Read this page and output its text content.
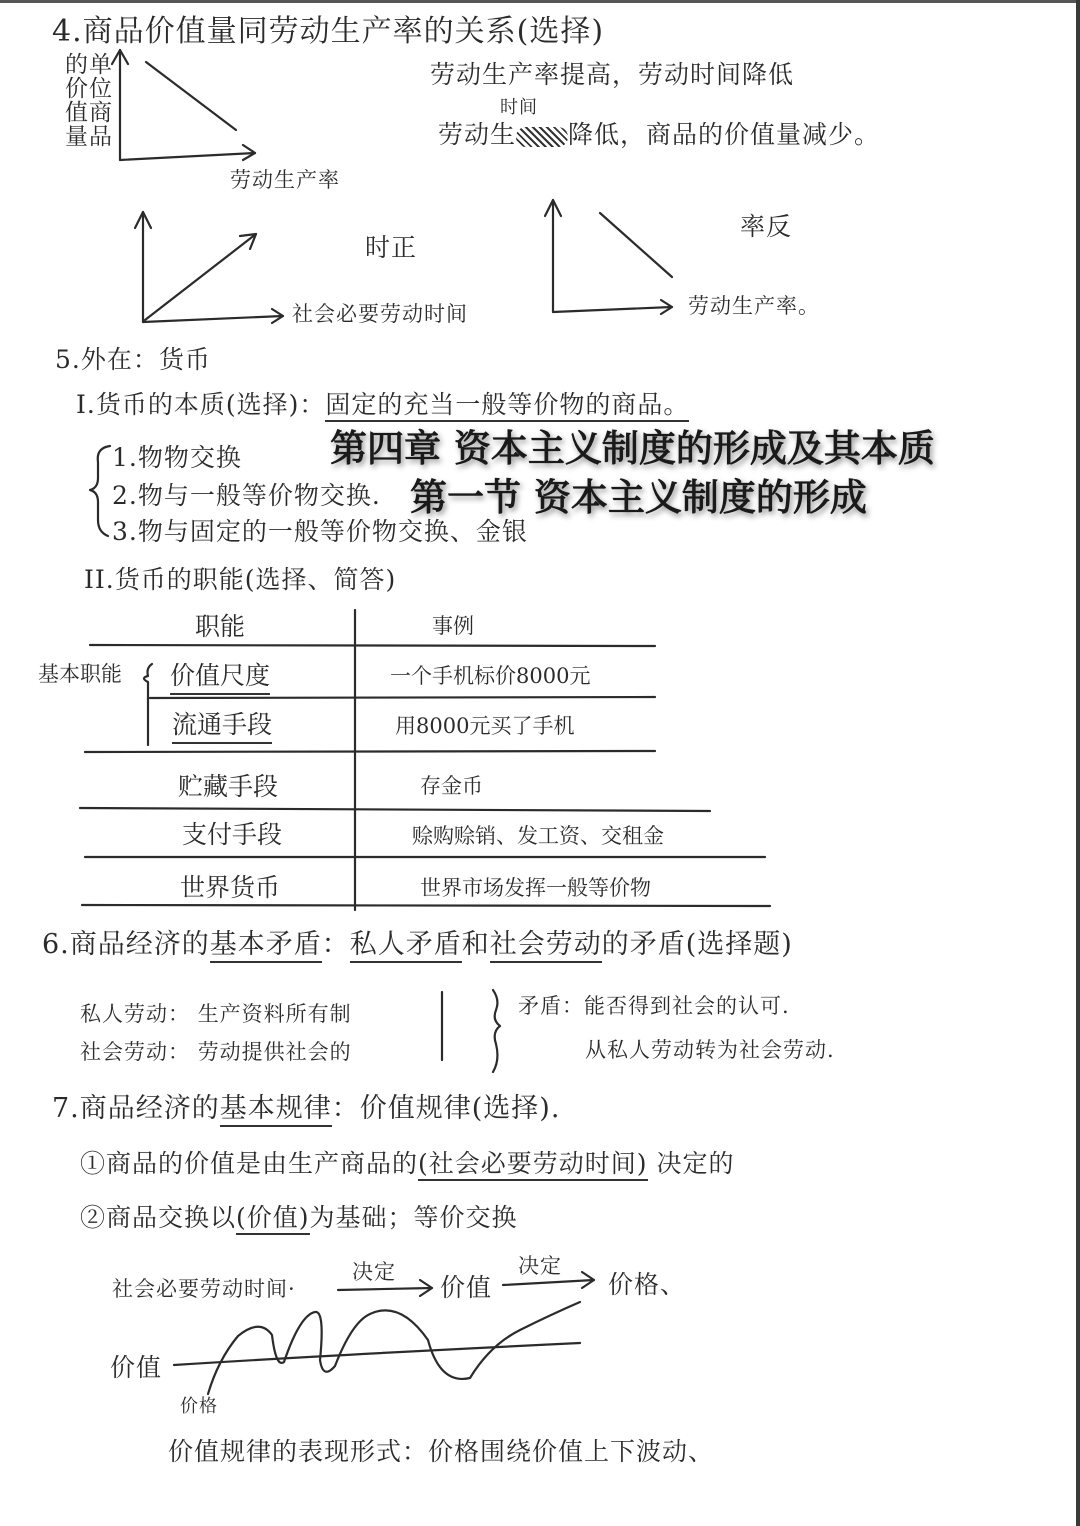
4.商品价值量同劳动生产率的关系(选择)
单位商品的价值量
劳动生产率
劳动生产率提高，劳动时间降低
时间
劳动生 降低，商品的价值量减少。
时正
社会必要劳动时间
率反
劳动生产率。
5.外在：货币
I.货币的本质(选择)：固定的充当一般等价物的商品。
1.物物交换
2.物与一般等价物交换.
3.物与固定的一般等价物交换、金银
第四章 资本主义制度的形成及其本质
第一节 资本主义制度的形成
II.货币的职能(选择、简答)
职能	事例
基本职能 价值尺度	一个手机标价8000元
流通手段	用8000元买了手机
贮藏手段	存金币
支付手段	赊购赊销、发工资、交租金
世界货币	世界市场发挥一般等价物
6.商品经济的基本矛盾：私人矛盾和社会劳动的矛盾(选择题)
私人劳动： 生产资料所有制
社会劳动： 劳动提供社会的
矛盾：能否得到社会的认可.
从私人劳动转为社会劳动.
7.商品经济的基本规律：价值规律(选择).
①商品的价值是由生产商品的(社会必要劳动时间) 决定的
②商品交换以(价值)为基础；等价交换
社会必要劳动时间·
决定
价值
决定
价格、
价值
价格
价值规律的表现形式：价格围绕价值上下波动、
